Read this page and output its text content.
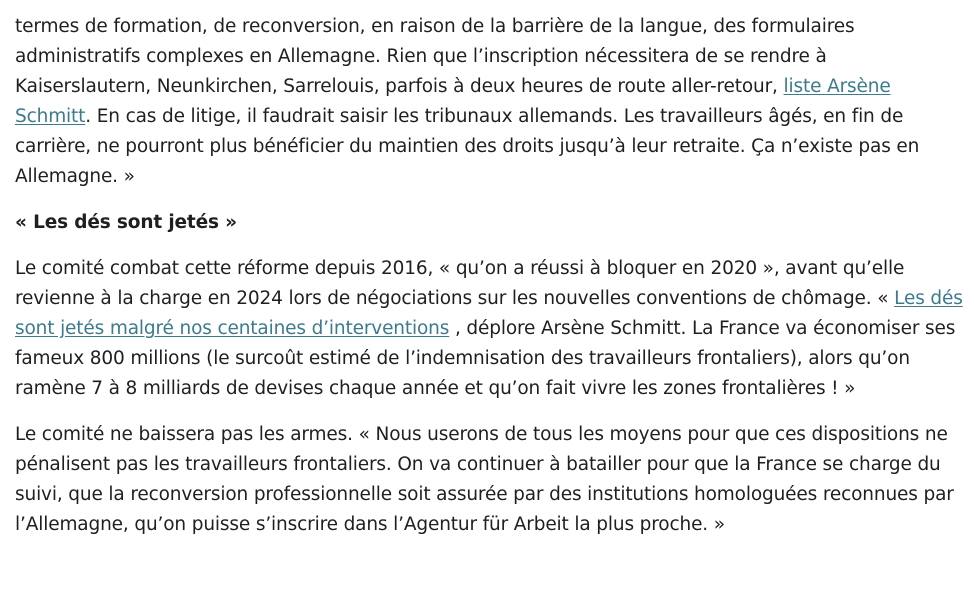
termes de formation, de reconversion, en raison de la barrière de la langue, des formulaires administratifs complexes en Allemagne. Rien que l’inscription nécessitera de se rendre à Kaiserslautern, Neunkirchen, Sarrelouis, parfois à deux heures de route aller-retour, liste Arsène Schmitt. En cas de litige, il faudrait saisir les tribunaux allemands. Les travailleurs âgés, en fin de carrière, ne pourront plus bénéficier du maintien des droits jusqu’à leur retraite. Ça n’existe pas en Allemagne. »

« Les dés sont jetés »

Le comité combat cette réforme depuis 2016, « qu’on a réussi à bloquer en 2020 », avant qu’elle revienne à la charge en 2024 lors de négociations sur les nouvelles conventions de chômage. « Les dés sont jetés malgré nos centaines d’interventions , déplore Arsène Schmitt. La France va économiser ses fameux 800 millions (le surcoût estimé de l’indemnisation des travailleurs frontaliers), alors qu’on ramène 7 à 8 milliards de devises chaque année et qu’on fait vivre les zones frontalières ! »

Le comité ne baissera pas les armes. « Nous userons de tous les moyens pour que ces dispositions ne pénalisent pas les travailleurs frontaliers. On va continuer à batailler pour que la France se charge du suivi, que la reconversion professionnelle soit assurée par des institutions homologuées reconnues par l’Allemagne, qu’on puisse s’inscrire dans l’Agentur für Arbeit la plus proche. »
